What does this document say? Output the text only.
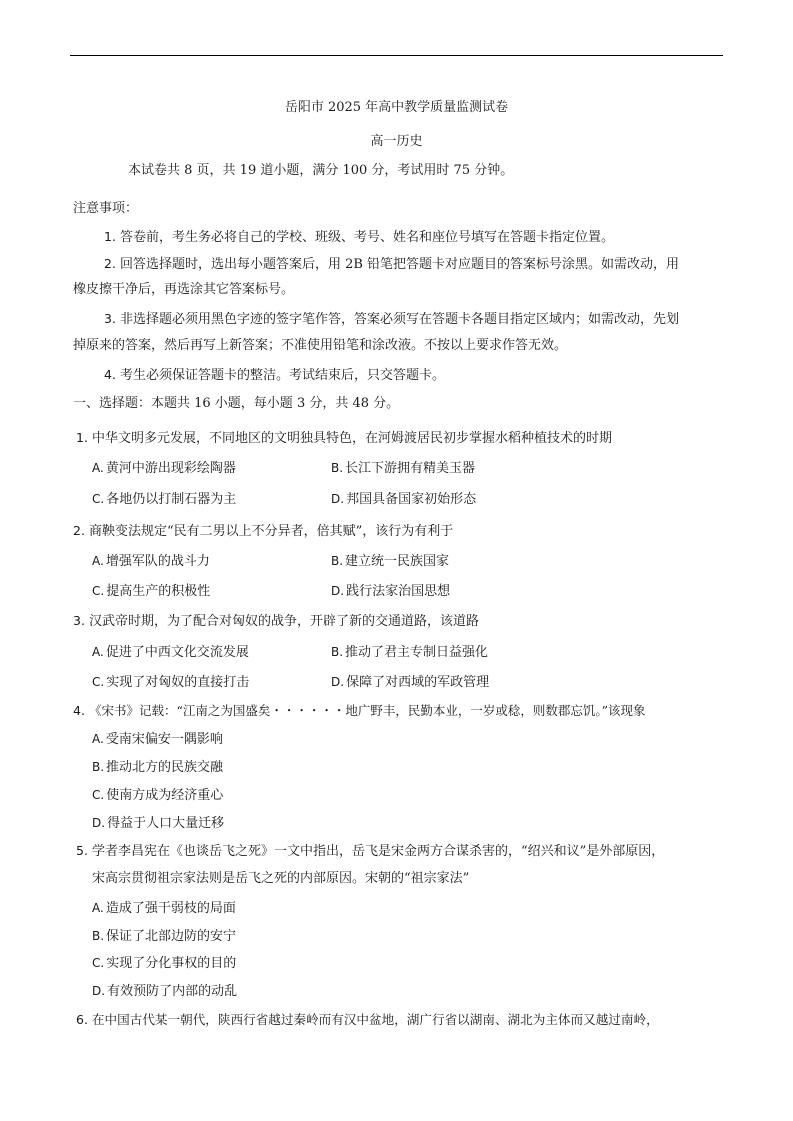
岳阳市 2025 年高中教学质量监测试卷
高一历史
本试卷共 8 页，共 19 道小题，满分 100 分，考试用时 75 分钟。
注意事项：
1. 答卷前，考生务必将自己的学校、班级、考号、姓名和座位号填写在答题卡指定位置。
2. 回答选择题时，选出每小题答案后，用 2B 铅笔把答题卡对应题目的答案标号涂黑。如需改动，用
橡皮擦干净后，再选涂其它答案标号。
3. 非选择题必须用黑色字迹的签字笔作答，答案必须写在答题卡各题目指定区域内；如需改动，先划
掉原来的答案，然后再写上新答案；不准使用铅笔和涂改液。不按以上要求作答无效。
4. 考生必须保证答题卡的整洁。考试结束后，只交答题卡。
一、选择题：本题共 16 小题，每小题 3 分，共 48 分。
1. 中华文明多元发展，不同地区的文明独具特色，在河姆渡居民初步掌握水稻种植技术的时期
A. 黄河中游出现彩绘陶器	B. 长江下游拥有精美玉器
C. 各地仍以打制石器为主	D. 邦国具备国家初始形态
2. 商鞅变法规定“民有二男以上不分异者，倍其赋”，该行为有利于
A. 增强军队的战斗力	B. 建立统一民族国家
C. 提高生产的积极性	D. 践行法家治国思想
3. 汉武帝时期，为了配合对匈奴的战争，开辟了新的交通道路，该道路
A. 促进了中西文化交流发展	B. 推动了君主专制日益强化
C. 实现了对匈奴的直接打击	D. 保障了对西域的军政管理
4. 《宋书》记载：“江南之为国盛矣・・・・・・地广野丰，民勤本业，一岁或稔，则数郡忘饥。”该现象
A. 受南宋偏安一隅影响
B. 推动北方的民族交融
C. 使南方成为经济重心
D. 得益于人口大量迁移
5. 学者李昌宪在《也谈岳飞之死》一文中指出，岳飞是宋金两方合谋杀害的，“绍兴和议”是外部原因，
宋高宗贯彻祖宗家法则是岳飞之死的内部原因。宋朝的“祖宗家法”
A. 造成了强干弱枝的局面
B. 保证了北部边防的安宁
C. 实现了分化事权的目的
D. 有效预防了内部的动乱
6. 在中国古代某一朝代，陕西行省越过秦岭而有汉中盆地，湖广行省以湖南、湖北为主体而又越过南岭，
